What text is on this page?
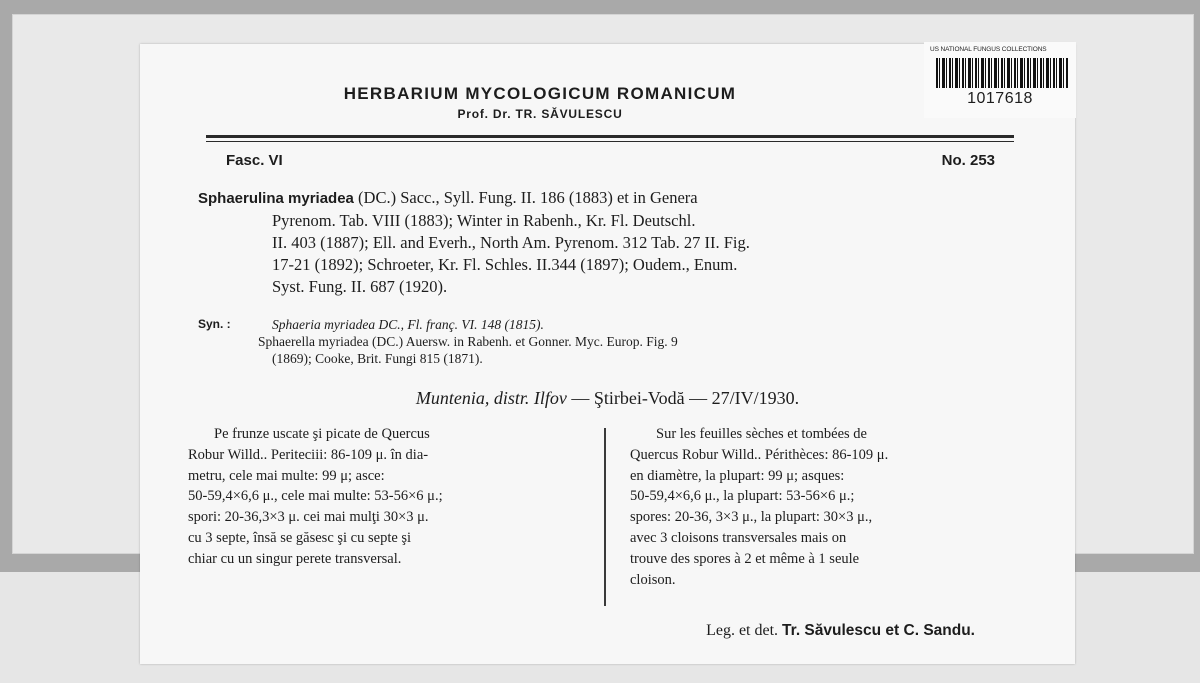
HERBARIUM MYCOLOGICUM ROMANICUM
Prof. Dr. TR. SĂVULESCU
Fasc. VI	No. 253
Sphaerulina myriadea (DC.) Sacc., Syll. Fung. II. 186 (1883) et in Genera
Pyrenom. Tab. VIII (1883); Winter in Rabenh., Kr. Fl. Deutschl.
II. 403 (1887); Ell. and Everh., North Am. Pyrenom. 312 Tab. 27 II. Fig.
17-21 (1892); Schroeter, Kr. Fl. Schles. II.344 (1897); Oudem., Enum.
Syst. Fung. II. 687 (1920).
Syn. :	Sphaeria myriadea DC., Fl. franç. VI. 148 (1815).
Sphaerella myriadea (DC.) Auersw. in Rabenh. et Gonner. Myc. Europ. Fig. 9
(1869); Cooke, Brit. Fungi 815 (1871).
Muntenia, distr. Ilfov — Ştirbei-Vodă — 27/IV/1930.
Pe frunze uscate şi picate de Quercus
Robur Willd.. Periteciii: 86-109 μ. în dia-
metru, cele mai multe: 99 μ; asce:
50-59,4×6,6 μ., cele mai multe: 53-56×6 μ.;
spori: 20-36,3×3 μ. cei mai mulţi 30×3 μ.
cu 3 septe, însă se găsesc şi cu septe şi
chiar cu un singur perete transversal.
Sur les feuilles sèches et tombées de
Quercus Robur Willd.. Périthèces: 86-109 μ.
en diamètre, la plupart: 99 μ; asques:
50-59,4×6,6 μ., la plupart: 53-56×6 μ.;
spores: 20-36, 3×3 μ., la plupart: 30×3 μ.,
avec 3 cloisons transversales mais on
trouve des spores à 2 et même à 1 seule
cloison.
Leg. et det. Tr. Săvulescu et C. Sandu.
US NATIONAL FUNGUS COLLECTIONS
1017618
